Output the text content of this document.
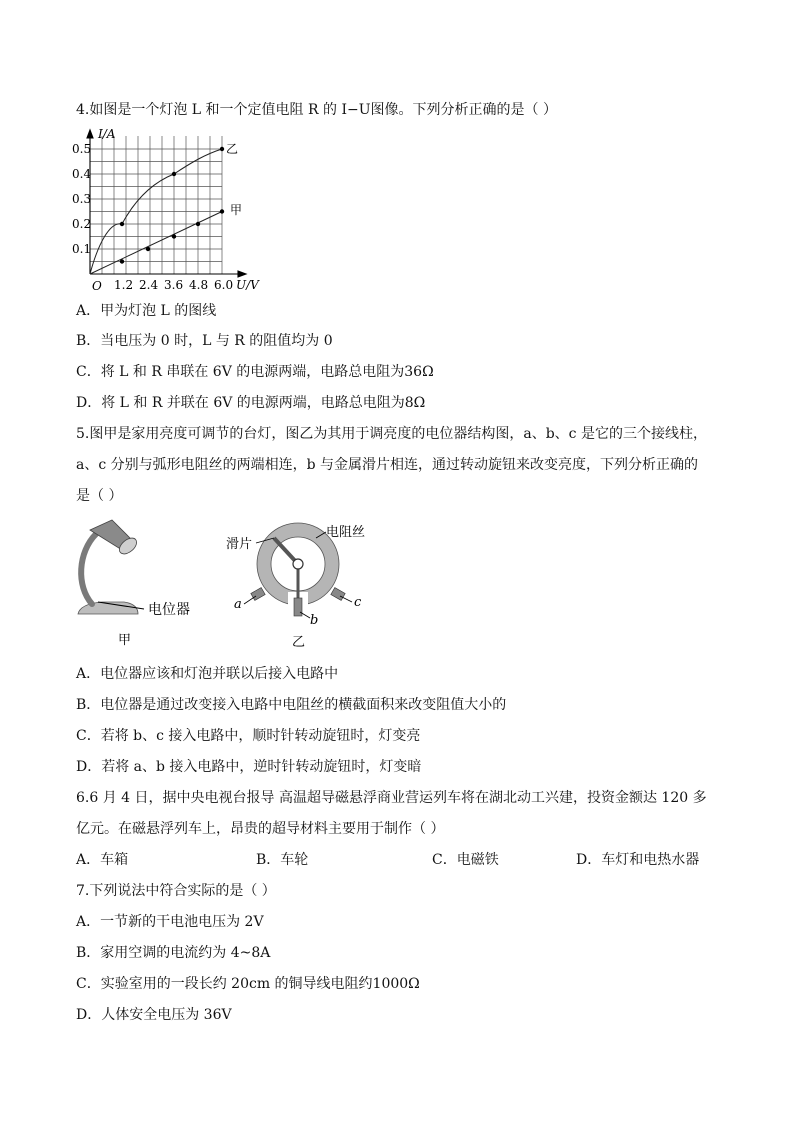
4.如图是一个灯泡 L 和一个定值电阻 R 的 I−U图像。下列分析正确的是（ ）
I/A
0.5
0.4
0.3
0.2
0.1
O 1.2 2.4 3.6 4.8 6.0 U/V
乙
甲
A．甲为灯泡 L 的图线
B．当电压为 0 时，L 与 R 的阻值均为 0
C．将 L 和 R 串联在 6V 的电源两端，电路总电阻为36Ω
D．将 L 和 R 并联在 6V 的电源两端，电路总电阻为8Ω
5.图甲是家用亮度可调节的台灯，图乙为其用于调亮度的电位器结构图，a、b、c 是它的三个接线柱，
a、c 分别与弧形电阻丝的两端相连，b 与金属滑片相连，通过转动旋钮来改变亮度，下列分析正确的
是（ ）
电位器
甲
滑片
电阻丝
a
b
c
乙
A．电位器应该和灯泡并联以后接入电路中
B．电位器是通过改变接入电路中电阻丝的横截面积来改变阻值大小的
C．若将 b、c 接入电路中，顺时针转动旋钮时，灯变亮
D．若将 a、b 接入电路中，逆时针转动旋钮时，灯变暗
6.6 月 4 日，据中央电视台报导 高温超导磁悬浮商业营运列车将在湖北动工兴建，投资金额达 120 多
亿元。在磁悬浮列车上，昂贵的超导材料主要用于制作（ ）
A．车箱	B．车轮	C．电磁铁	D．车灯和电热水器
7.下列说法中符合实际的是（ ）
A．一节新的干电池电压为 2V
B．家用空调的电流约为 4~8A
C．实验室用的一段长约 20cm 的铜导线电阻约1000Ω
D．人体安全电压为 36V
